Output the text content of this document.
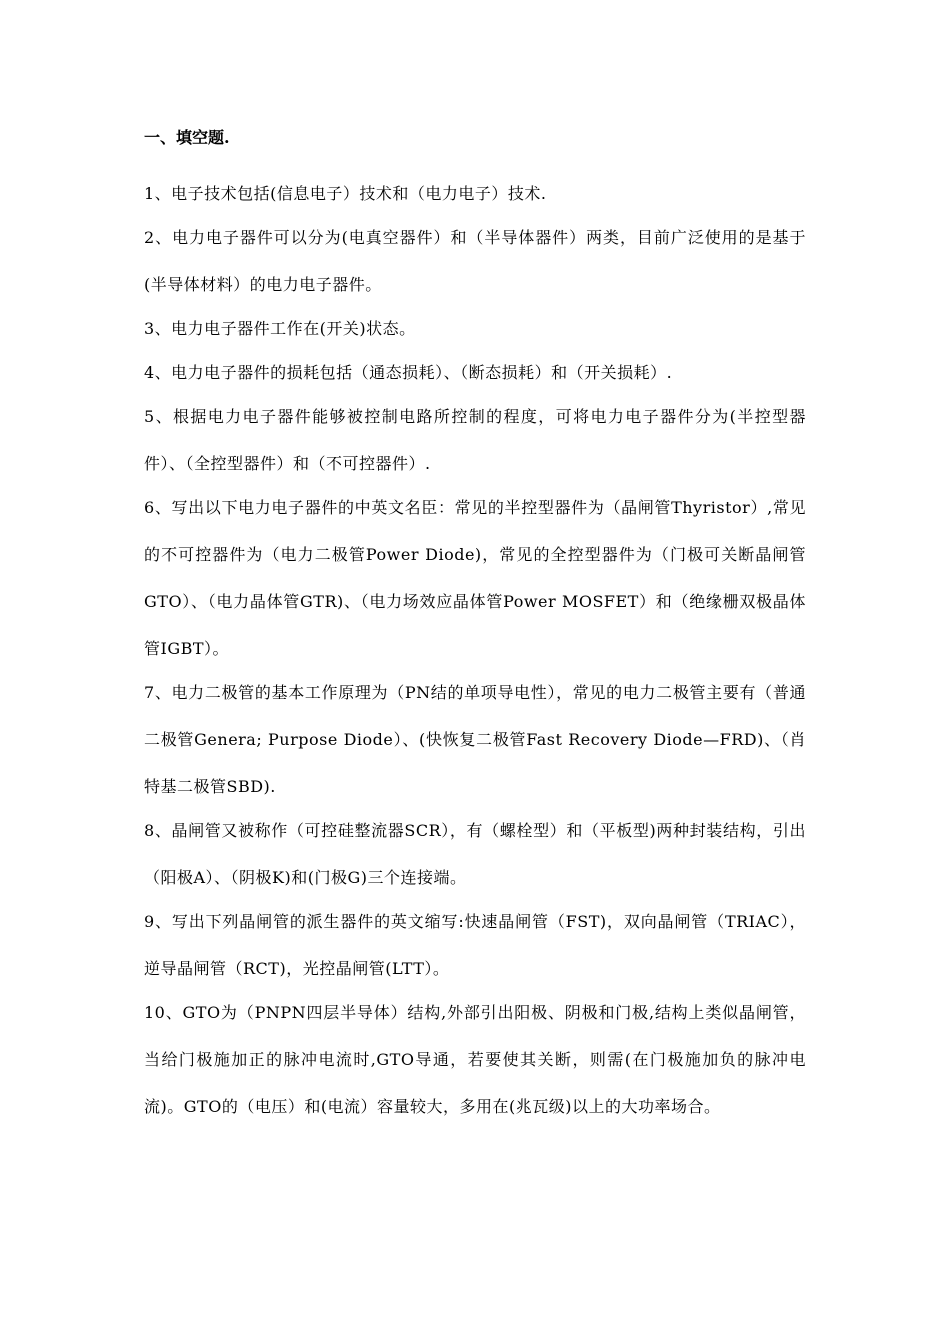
一、填空题.

1、电子技术包括(信息电子）技术和（电力电子）技术.

2、电力电子器件可以分为(电真空器件）和（半导体器件）两类，目前广泛使用的是基于(半导体材料）的电力电子器件。

3、电力电子器件工作在(开关)状态。

4、电力电子器件的损耗包括（通态损耗）、（断态损耗）和（开关损耗）.

5、根据电力电子器件能够被控制电路所控制的程度，可将电力电子器件分为(半控型器件）、（全控型器件）和（不可控器件）.

6、写出以下电力电子器件的中英文名臣：常见的半控型器件为（晶闸管Thyristor）,常见的不可控器件为（电力二极管Power Diode)，常见的全控型器件为（门极可关断晶闸管GTO）、（电力晶体管GTR)、（电力场效应晶体管Power MOSFET）和（绝缘栅双极晶体管IGBT）。

7、电力二极管的基本工作原理为（PN结的单项导电性），常见的电力二极管主要有（普通二极管Genera; Purpose Diode）、(快恢复二极管Fast Recovery Diode—FRD)、（肖特基二极管SBD).

8、晶闸管又被称作（可控硅整流器SCR），有（螺栓型）和（平板型)两种封装结构，引出（阳极A）、（阴极K)和(门极G)三个连接端。

9、写出下列晶闸管的派生器件的英文缩写:快速晶闸管（FST)，双向晶闸管（TRIAC），逆导晶闸管（RCT)，光控晶闸管(LTT）。

10、GTO为（PNPN四层半导体）结构,外部引出阳极、阴极和门极,结构上类似晶闸管，当给门极施加正的脉冲电流时,GTO导通，若要使其关断，则需(在门极施加负的脉冲电流)。GTO的（电压）和(电流）容量较大，多用在(兆瓦级)以上的大功率场合。
